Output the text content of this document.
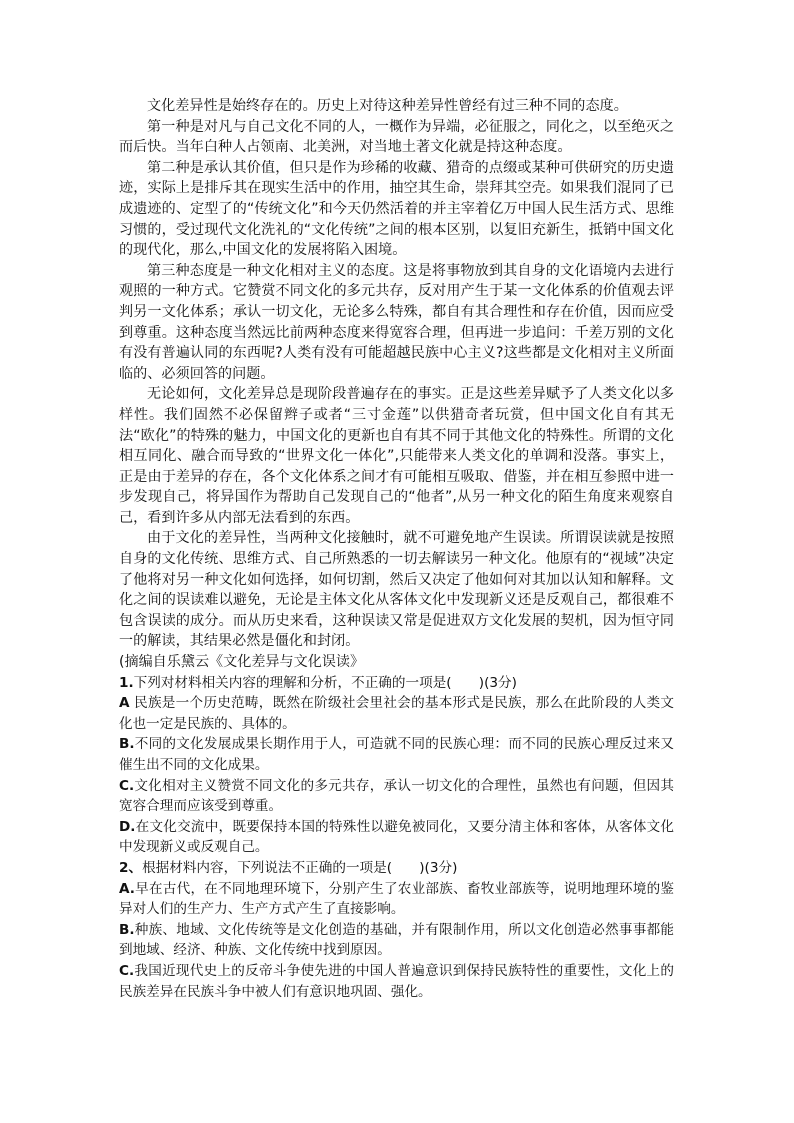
文化差异性是始终存在的。历史上对待这种差异性曾经有过三种不同的态度。

第一种是对凡与自己文化不同的人，一概作为异端，必征服之，同化之，以至绝灭之而后快。当年白种人占领南、北美洲，对当地土著文化就是持这种态度。

第二种是承认其价值，但只是作为珍稀的收藏、猎奇的点缀或某种可供研究的历史遗迹，实际上是排斥其在现实生活中的作用，抽空其生命，崇拜其空壳。如果我们混同了已成遗迹的、定型了的“传统文化”和今天仍然活着的并主宰着亿万中国人民生活方式、思维习惯的，受过现代文化洗礼的“文化传统”之间的根本区别，以复旧充新生，抵销中国文化的现代化，那么,中国文化的发展将陷入困境。

第三种态度是一种文化相对主义的态度。这是将事物放到其自身的文化语境内去进行观照的一种方式。它赞赏不同文化的多元共存，反对用产生于某一文化体系的价值观去评判另一文化体系；承认一切文化，无论多么特殊，都自有其合理性和存在价值，因而应受到尊重。这种态度当然远比前两种态度来得宽容合理，但再进一步追问：千差万别的文化有没有普遍认同的东西呢?人类有没有可能超越民族中心主义?这些都是文化相对主义所面临的、必须回答的问题。

无论如何，文化差异总是现阶段普遍存在的事实。正是这些差异赋予了人类文化以多样性。我们固然不必保留辫子或者“三寸金莲”以供猎奇者玩赏，但中国文化自有其无法“欧化”的特殊的魅力，中国文化的更新也自有其不同于其他文化的特殊性。所谓的文化相互同化、融合而导致的“世界文化一体化”,只能带来人类文化的单调和没落。事实上，正是由于差异的存在，各个文化体系之间才有可能相互吸取、借鉴，并在相互参照中进一步发现自己，将异国作为帮助自己发现自己的“他者”,从另一种文化的陌生角度来观察自己，看到许多从内部无法看到的东西。

由于文化的差异性，当两种文化接触时，就不可避免地产生误读。所谓误读就是按照自身的文化传统、思维方式、自己所熟悉的一切去解读另一种文化。他原有的“视域”决定了他将对另一种文化如何选择，如何切割，然后又决定了他如何对其加以认知和解释。文化之间的误读难以避免，无论是主体文化从客体文化中发现新义还是反观自己，都很难不包含误读的成分。而从历史来看，这种误读又常是促进双方文化发展的契机，因为恒守同一的解读，其结果必然是僵化和封闭。

(摘编自乐黛云《文化差异与文化误读》

1.下列对材料相关内容的理解和分析，不正确的一项是(　　)(3分)

A 民族是一个历史范畴，既然在阶级社会里社会的基本形式是民族，那么在此阶段的人类文化也一定是民族的、具体的。

B.不同的文化发展成果长期作用于人，可造就不同的民族心理：而不同的民族心理反过来又催生出不同的文化成果。

C.文化相对主义赞赏不同文化的多元共存，承认一切文化的合理性，虽然也有问题，但因其宽容合理而应该受到尊重。

D.在文化交流中，既要保持本国的特殊性以避免被同化，又要分清主体和客体，从客体文化中发现新义或反观自己。

2、根据材料内容，下列说法不正确的一项是(　　)(3分)

A.早在古代，在不同地理环境下，分别产生了农业部族、畜牧业部族等，说明地理环境的鉴异对人们的生产力、生产方式产生了直接影响。

B.种族、地域、文化传统等是文化创造的基础，并有限制作用，所以文化创造必然事事都能到地域、经济、种族、文化传统中找到原因。

C.我国近现代史上的反帝斗争使先进的中国人普遍意识到保持民族特性的重要性，文化上的民族差异在民族斗争中被人们有意识地巩固、强化。
